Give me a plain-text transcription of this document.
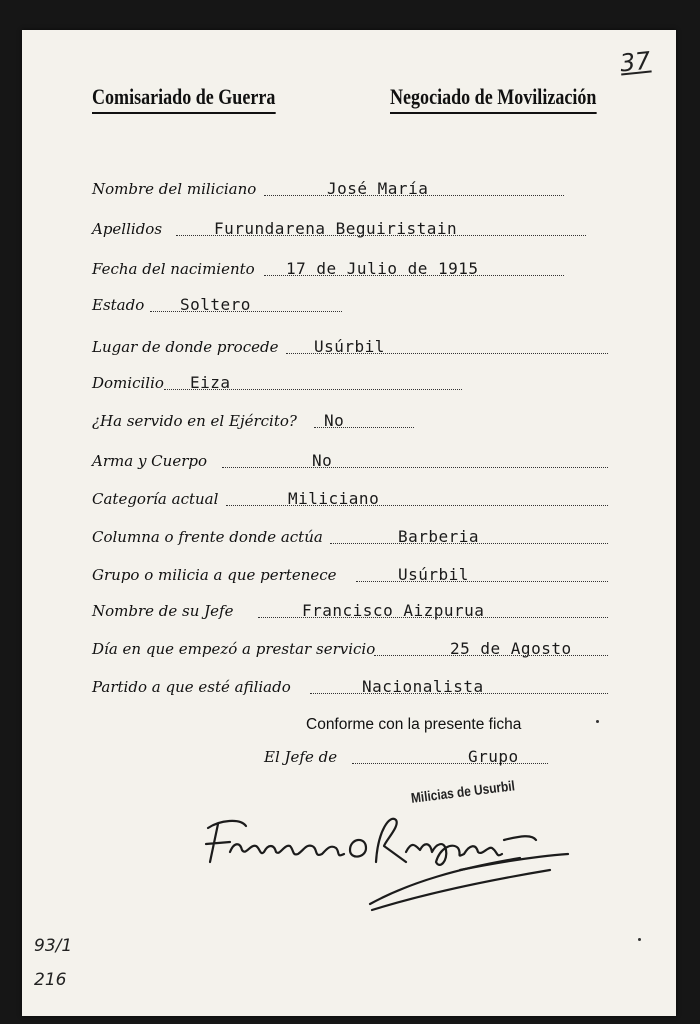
37
Comisariado de Guerra	Negociado de Movilización
Nombre del miliciano	José María
Apellidos	Furundarena Beguiristain
Fecha del nacimiento 17 de Julio de 1915
Estado Soltero
Lugar de donde procede Usúrbil
Domicilio Eiza
¿Ha servido en el Ejército? No
Arma y Cuerpo	No
Categoría actual	Miliciano
Columna o frente donde actúa	Barberia
Grupo o milicia a que pertenece	Usúrbil
Nombre de su Jefe	Francisco Aizpurua
Día en que empezó a prestar servicio	25 de Agosto
Partido a que esté afiliado	Nacionalista
Conforme con la presente ficha
El Jefe de	Grupo
Milicias de Usurbil
93/1
216
